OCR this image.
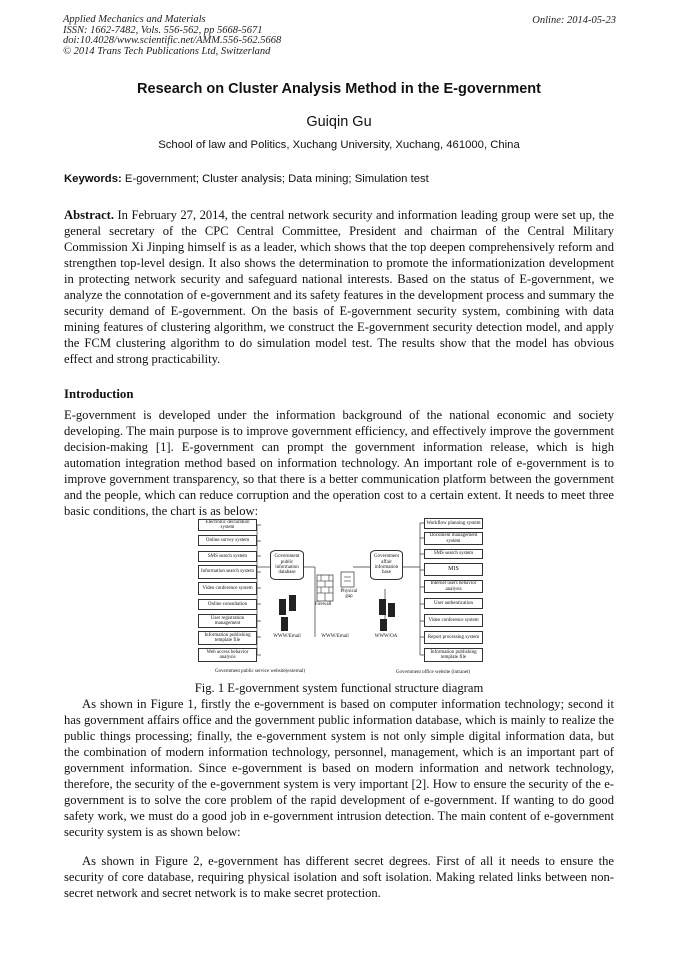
Applied Mechanics and Materials
ISSN: 1662-7482, Vols. 556-562, pp 5668-5671
doi:10.4028/www.scientific.net/AMM.556-562.5668
© 2014 Trans Tech Publications Ltd, Switzerland
Online: 2014-05-23
Research on Cluster Analysis Method in the E-government
Guiqin Gu
School of law and Politics, Xuchang University, Xuchang, 461000, China
Keywords: E-government; Cluster analysis; Data mining; Simulation test

Abstract. In February 27, 2014, the central network security and information leading group were set up, the general secretary of the CPC Central Committee, President and chairman of the Central Military Commission Xi Jinping himself is as a leader, which shows that the top deepen comprehensively reform and strengthen top-level design. It also shows the determination to promote the informationization development in protecting network security and safeguard national interests. Based on the status of E-government, we analyze the connotation of e-government and its safety features in the development process and summary the security demand of E-government. On the basis of E-government security system, combining with data mining features of clustering algorithm, we construct the E-government security detection model, and apply the FCM clustering algorithm to do simulation model test. The results show that the model has obvious effect and strong practicability.

Introduction

E-government is developed under the information background of the national economic and society developing. The main purpose is to improve government efficiency, and effectively improve the government decision-making [1]. E-government can prompt the government information release, which is high automation integration method based on information technology. An important role of e-government is to improve government transparency, so that there is a better communication platform between the government and the people, which can reduce corruption and the operation cost to a certain extent. It needs to meet three basic conditions, the chart is as below:

Electronic declaration system
Online survey system
SMS search system
Information search system
Video conference system
Online consultation
User registration management
Information publishing template file
Web access behavior analysis
Government public information database
Government affair information base
Firewall
Physical gap
WWW/Email	WWW/Email	WWW/OA
Workflow planning system
Document management system
SMS search system
MIS
Internet users behavior analysis
User authentication
Video conference system
Report processing system
Information publishing template file
Government public service website(external)	Government office website (intranet)
Fig. 1 E-government system functional structure diagram

As shown in Figure 1, firstly the e-government is based on computer information technology; second it has government affairs office and the government public information database, which is mainly to realize the public things processing; finally, the e-government system is not only simple digital information data, but the combination of modern information technology, personnel, management, which is an important part of government information. Since e-government is based on modern information and network technology, therefore, the security of the e-government system is very important [2]. How to ensure the security of the e-government is to solve the core problem of the rapid development of e-government. If wanting to do good safety work, we must do a good job in e-government intrusion detection. The main content of e-government security system is as shown below:

As shown in Figure 2, e-government has different secret degrees. First of all it needs to ensure the security of core database, requiring physical isolation and soft isolation. Making related links between non-secret network and secret network is to make secret protection.
